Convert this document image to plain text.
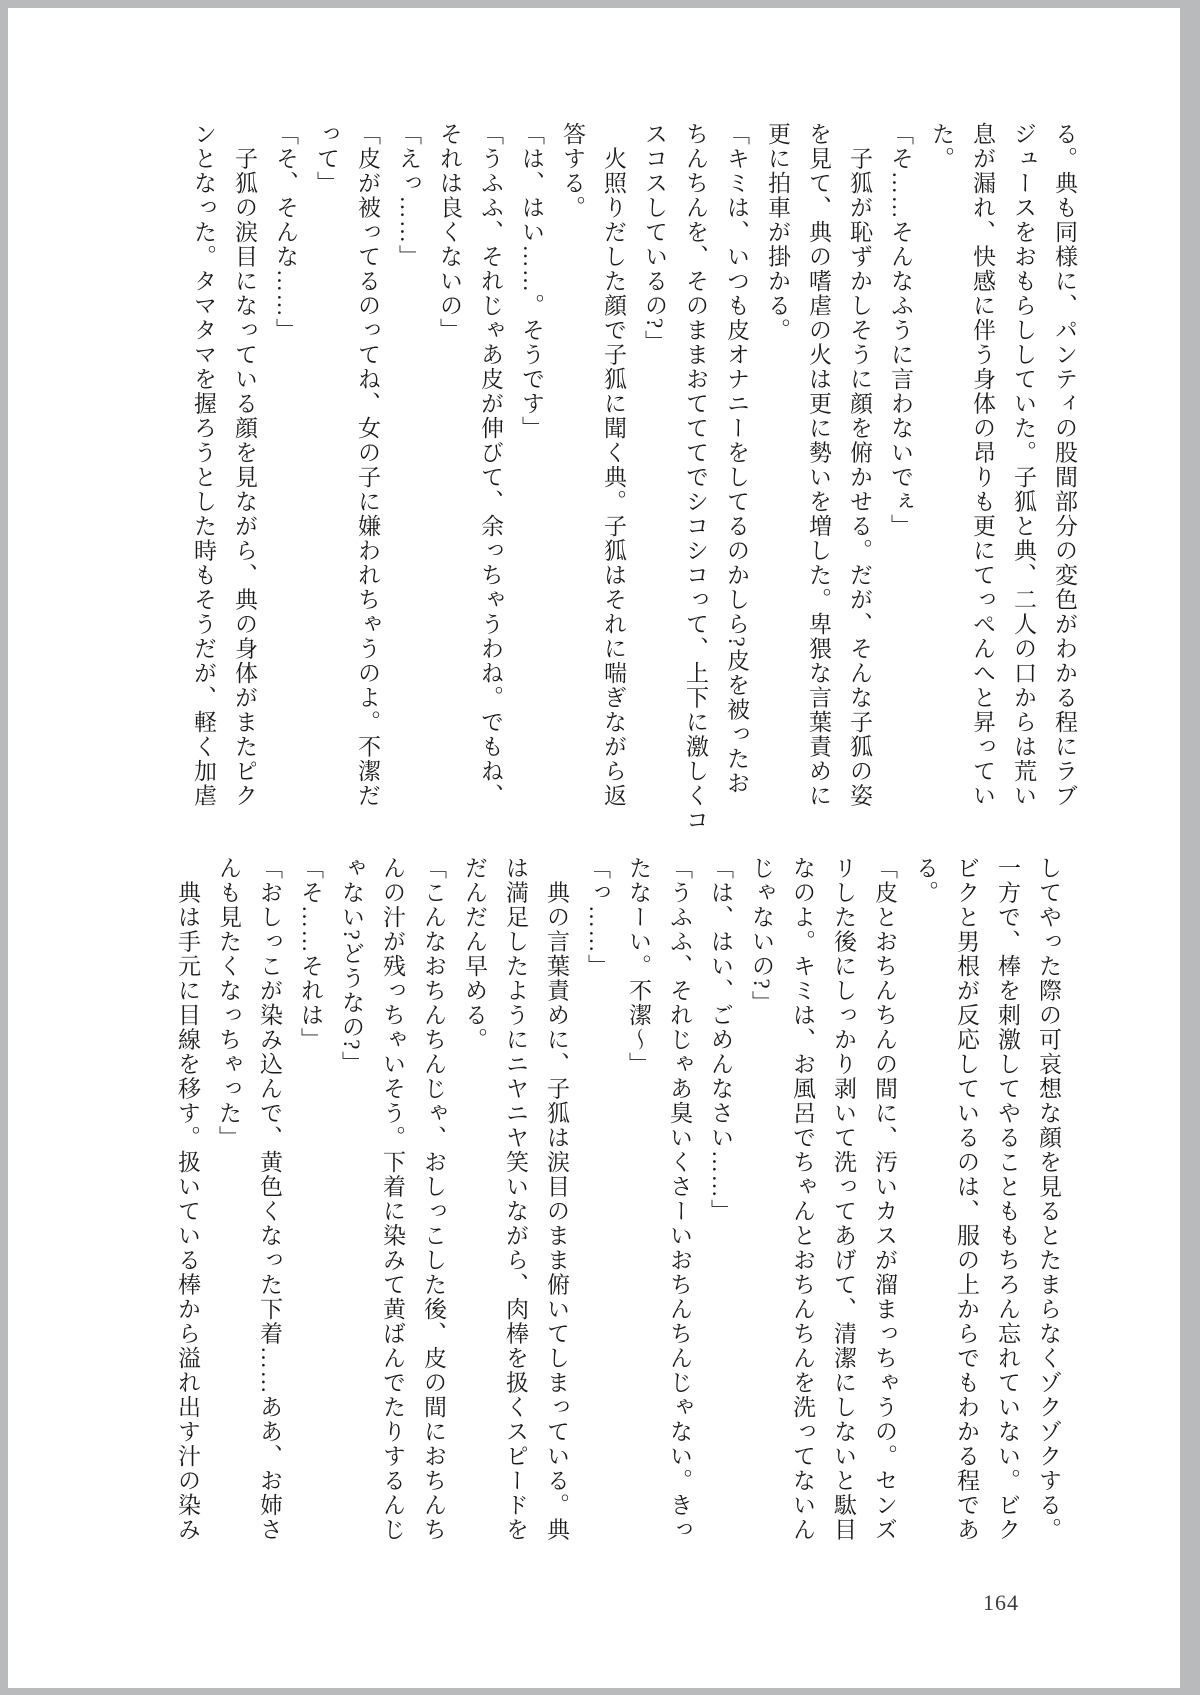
る。典も同様に、パンティの股間部分の変色がわかる程にラブ

ジュースをおもらししていた。子狐と典、二人の口からは荒い

息が漏れ、快感に伴う身体の昂りも更にてっぺんへと昇ってい

た。

「そ……そんなふうに言わないでぇ」

　子狐が恥ずかしそうに顔を俯かせる。だが、そんな子狐の姿

を見て、典の嗜虐の火は更に勢いを増した。卑猥な言葉責めに

更に拍車が掛かる。

「キミは、いつも皮オナニーをしてるのかしら?皮を被ったお

ちんちんを、そのままおてててでシコシコって、上下に激しくコ

スコスしているの?」

　火照りだした顔で子狐に聞く典。子狐はそれに喘ぎながら返

答する。

「は、はい……。そうです」

「うふふ、それじゃあ皮が伸びて、余っちゃうわね。でもね、

それは良くないの」

「えっ……」

「皮が被ってるのってね、女の子に嫌われちゃうのよ。不潔だ

って」

「そ、そんな……」

　子狐の涙目になっている顔を見ながら、典の身体がまたピク

ンとなった。タマタマを握ろうとした時もそうだが、軽く加虐

してやった際の可哀想な顔を見るとたまらなくゾクゾクする。

一方で、棒を刺激してやることももちろん忘れていない。ビク

ビクと男根が反応しているのは、服の上からでもわかる程であ

る。

「皮とおちんちんの間に、汚いカスが溜まっちゃうの。センズ

リした後にしっかり剥いて洗ってあげて、清潔にしないと駄目

なのよ。キミは、お風呂でちゃんとおちんちんを洗ってないん

じゃないの?」

「は、はい、ごめんなさい……」

「うふふ、それじゃあ臭いくさーいおちんちんじゃない。きっ

たなーい。不潔〜」

「っ……」

　典の言葉責めに、子狐は涙目のまま俯いてしまっている。典

は満足したようにニヤニヤ笑いながら、肉棒を扱くスピードを

だんだん早める。

「こんなおちんちんじゃ、おしっこした後、皮の間におちんち

んの汁が残っちゃいそう。下着に染みて黄ばんでたりするんじ

ゃない?どうなの?」

「そ……それは」

「おしっこが染み込んで、黄色くなった下着……ああ、お姉さ

んも見たくなっちゃった」

　典は手元に目線を移す。扱いている棒から溢れ出す汁の染み

164
